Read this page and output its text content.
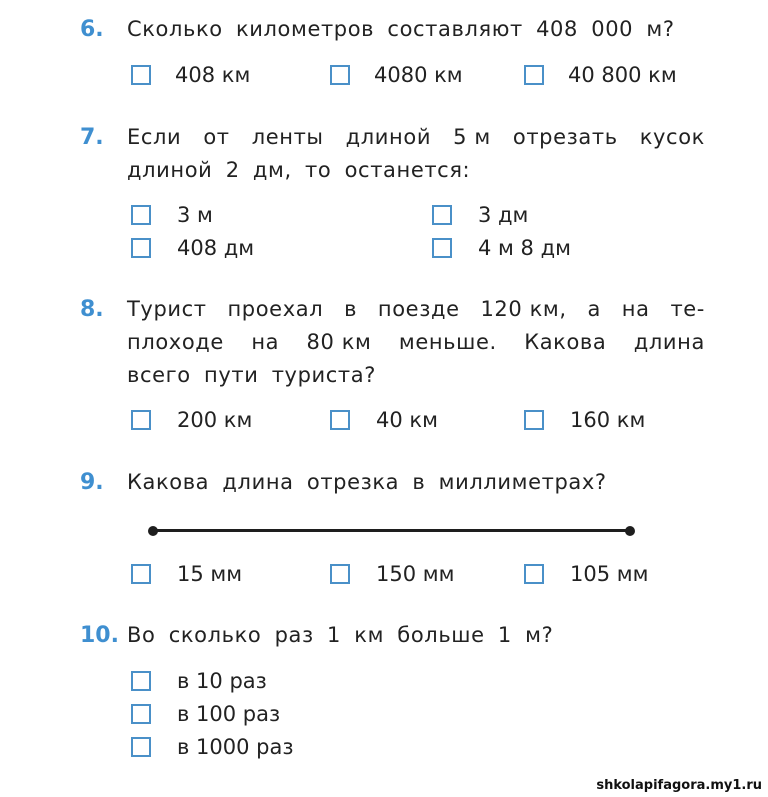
6. Сколько километров составляют 408 000 м?
408 км	4080 км	40 800 км
7. Если от ленты длиной 5 м отрезать кусок
длиной 2 дм, то останется:
3 м	3 дм
408 дм	4 м 8 дм
8. Турист проехал в поезде 120 км, а на те-
плоходе на 80 км меньше. Какова длина
всего пути туриста?
200 км	40 км	160 км
9. Какова длина отрезка в миллиметрах?
15 мм	150 мм	105 мм
10. Во сколько раз 1 км больше 1 м?
в 10 раз
в 100 раз
в 1000 раз
shkolapifagora.my1.ru
